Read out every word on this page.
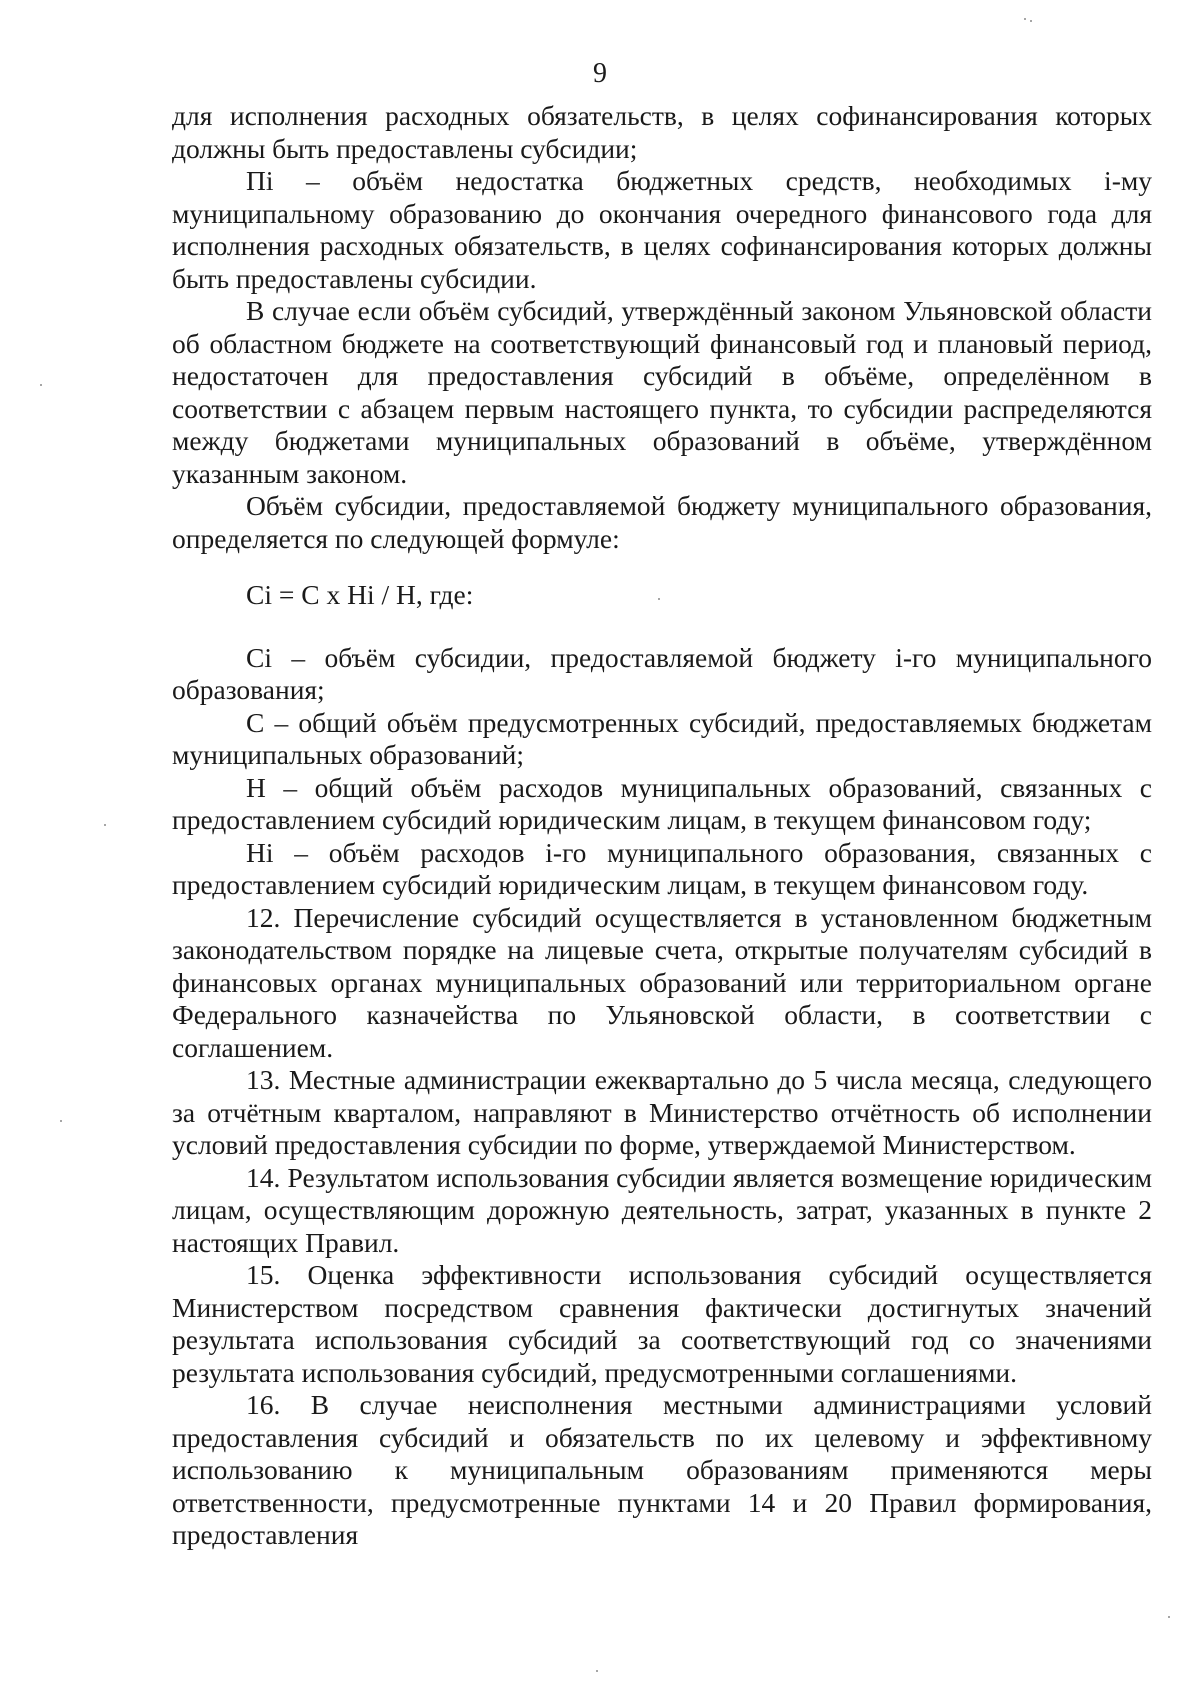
9

для исполнения расходных обязательств, в целях софинансирования которых должны быть предоставлены субсидии;

Пi – объём недостатка бюджетных средств, необходимых i-му муниципальному образованию до окончания очередного финансового года для исполнения расходных обязательств, в целях софинансирования которых должны быть предоставлены субсидии.

В случае если объём субсидий, утверждённый законом Ульяновской области об областном бюджете на соответствующий финансовый год и плановый период, недостаточен для предоставления субсидий в объёме, определённом в соответствии с абзацем первым настоящего пункта, то субсидии распределяются между бюджетами муниципальных образований в объёме, утверждённом указанным законом.

Объём субсидии, предоставляемой бюджету муниципального образования, определяется по следующей формуле:

Сi = С x Нi / Н, где:

Сi – объём субсидии, предоставляемой бюджету i-го муниципального образования;

С – общий объём предусмотренных субсидий, предоставляемых бюджетам муниципальных образований;

Н – общий объём расходов муниципальных образований, связанных с предоставлением субсидий юридическим лицам, в текущем финансовом году;

Нi – объём расходов i-го муниципального образования, связанных с предоставлением субсидий юридическим лицам, в текущем финансовом году.

12. Перечисление субсидий осуществляется в установленном бюджетным законодательством порядке на лицевые счета, открытые получателям субсидий в финансовых органах муниципальных образований или территориальном органе Федерального казначейства по Ульяновской области, в соответствии с соглашением.

13. Местные администрации ежеквартально до 5 числа месяца, следующего за отчётным кварталом, направляют в Министерство отчётность об исполнении условий предоставления субсидии по форме, утверждаемой Министерством.

14. Результатом использования субсидии является возмещение юридическим лицам, осуществляющим дорожную деятельность, затрат, указанных в пункте 2 настоящих Правил.

15. Оценка эффективности использования субсидий осуществляется Министерством посредством сравнения фактически достигнутых значений результата использования субсидий за соответствующий год со значениями результата использования субсидий, предусмотренными соглашениями.

16. В случае неисполнения местными администрациями условий предоставления субсидий и обязательств по их целевому и эффективному использованию к муниципальным образованиям применяются меры ответственности, предусмотренные пунктами 14 и 20 Правил формирования, предоставления
